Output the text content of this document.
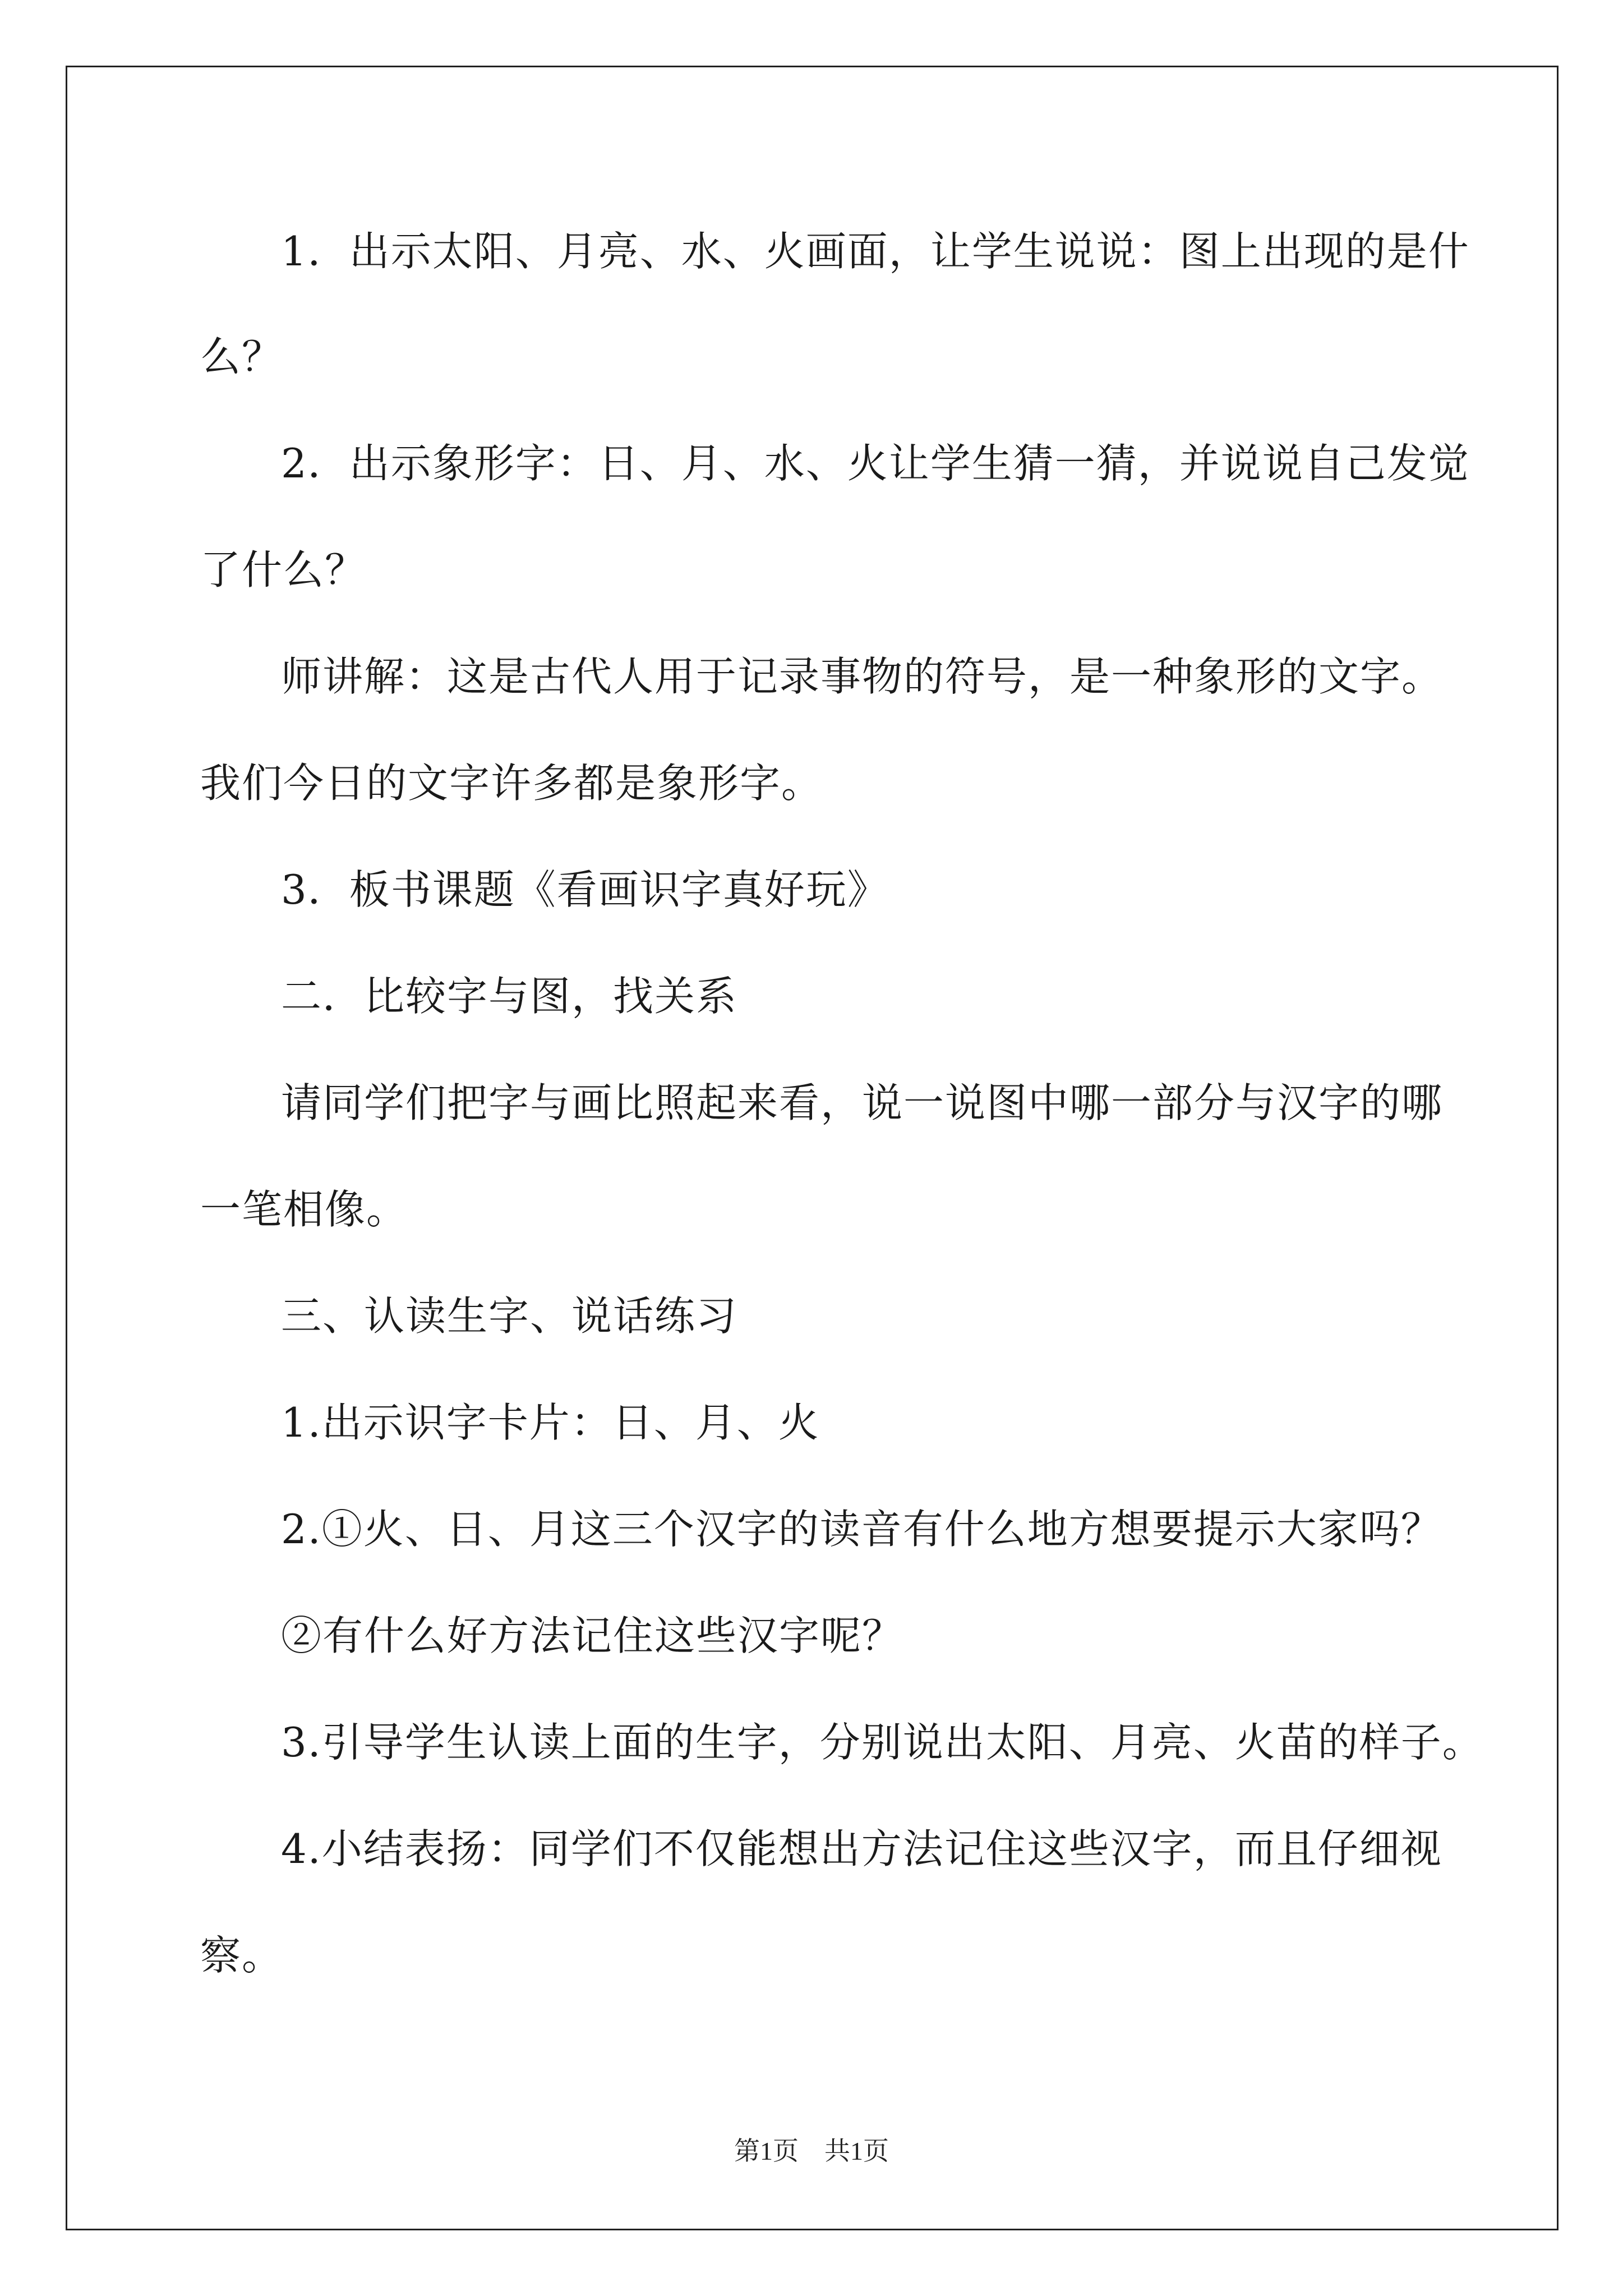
1．出示太阳、月亮、水、火画面，让学生说说：图上出现的是什
么？
2．出示象形字：日、月、水、火让学生猜一猜，并说说自己发觉
了什么？
师讲解：这是古代人用于记录事物的符号，是一种象形的文字。
我们今日的文字许多都是象形字。
3．板书课题《看画识字真好玩》
二．比较字与图，找关系
请同学们把字与画比照起来看，说一说图中哪一部分与汉字的哪
一笔相像。
三、认读生字、说话练习
1.出示识字卡片：日、月、火
2.①火、日、月这三个汉字的读音有什么地方想要提示大家吗？
②有什么好方法记住这些汉字呢？
3.引导学生认读上面的生字，分别说出太阳、月亮、火苗的样子。
4.小结表扬：同学们不仅能想出方法记住这些汉字，而且仔细视
察。
第1页　共1页
